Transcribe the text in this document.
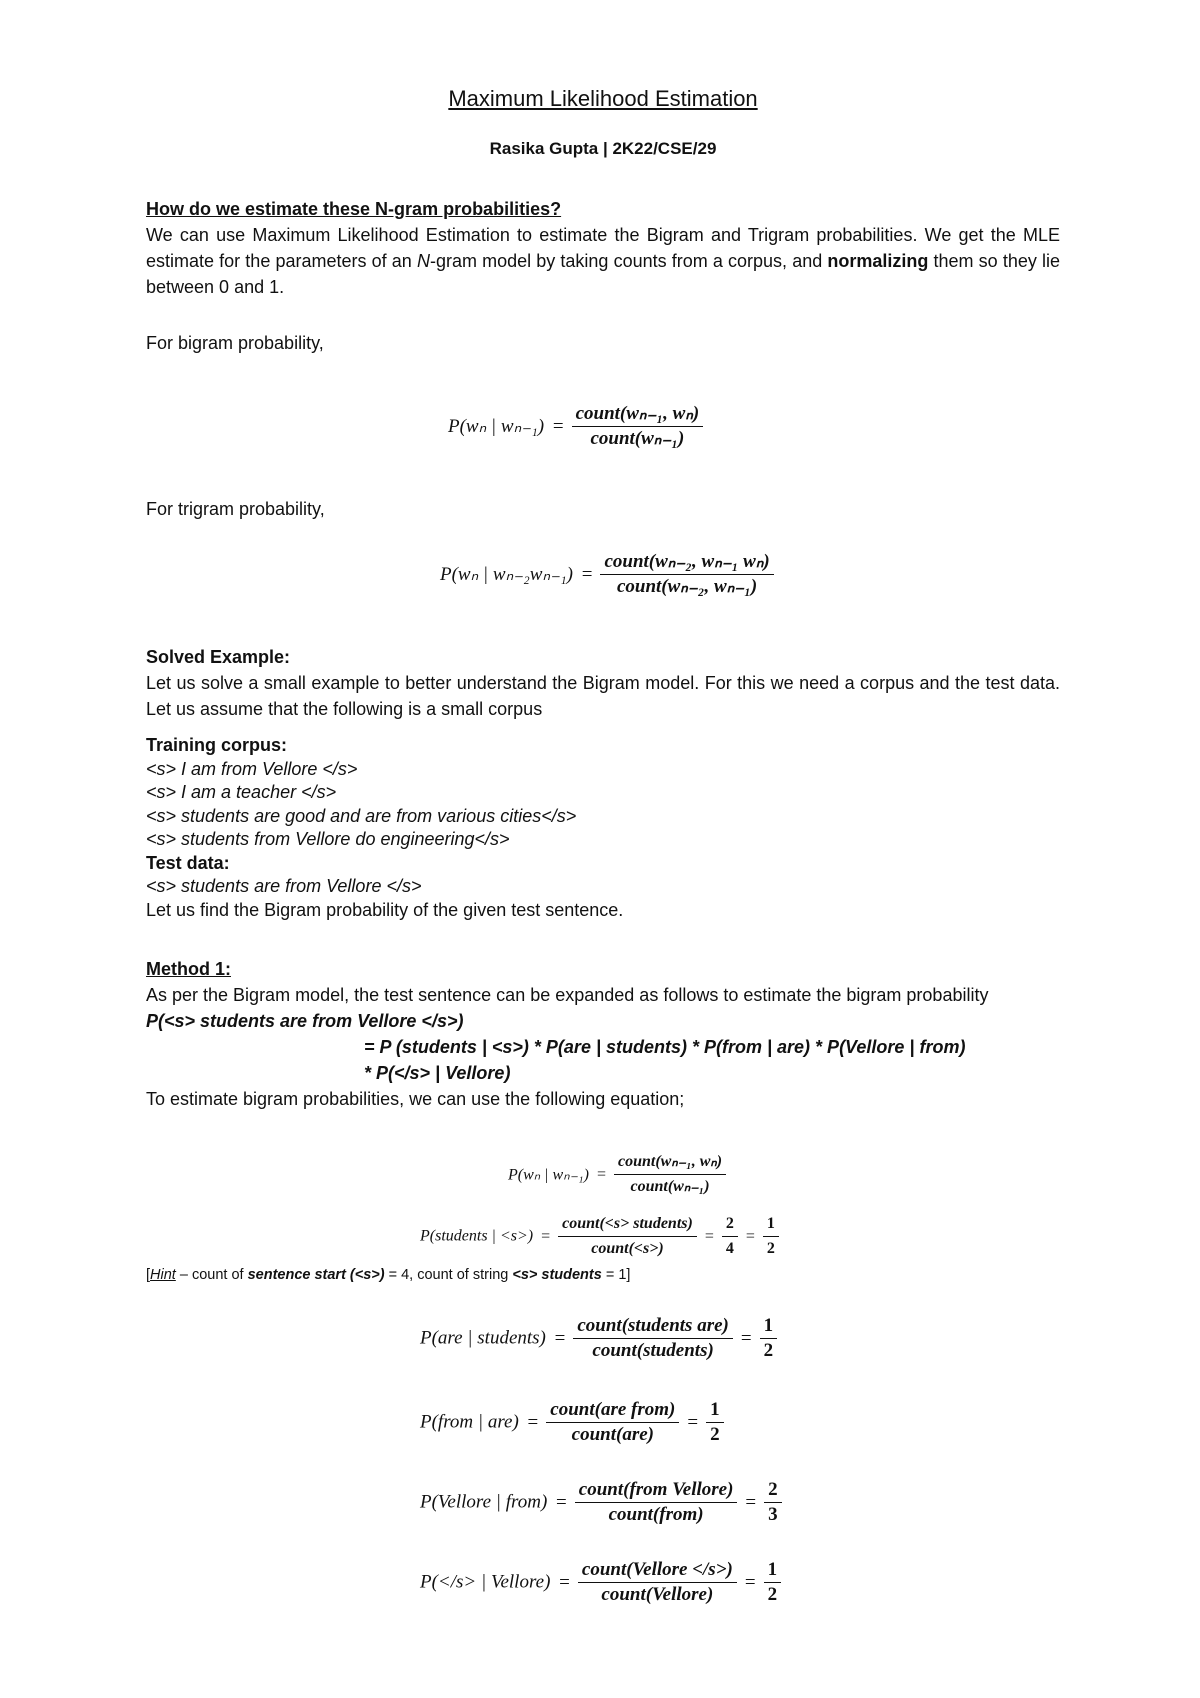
Maximum Likelihood Estimation
Rasika Gupta | 2K22/CSE/29
How do we estimate these N-gram probabilities?
We can use Maximum Likelihood Estimation to estimate the Bigram and Trigram probabilities. We get the MLE estimate for the parameters of an N-gram model by taking counts from a corpus, and normalizing them so they lie between 0 and 1.
For bigram probability,
P(wₙ | $w_{n-1}) = \frac{\text{count(wₙ₋₁, wₙ)}}{\text{count(wₙ₋₁)}}$
For trigram probability,
P(wₙ | $w_{n-2}w_{n-1}) = \frac{\text{count(wₙ₋₂, wₙ₋₁ wₙ)}}{\text{count(wₙ₋₂, wₙ₋₁)}}$
Solved Example:
Let us solve a small example to better understand the Bigram model. For this we need a corpus and the test data. Let us assume that the following is a small corpus
Training corpus:
<s> I am from Vellore </s>
<s> I am a teacher </s>
<s> students are good and are from various cities</s>
<s> students from Vellore do engineering</s>
Test data:
<s> students are from Vellore </s>
Let us find the Bigram probability of the given test sentence.
Method 1:
As per the Bigram model, the test sentence can be expanded as follows to estimate the bigram probability
P(<s> students are from Vellore </s>)
= P (students | <s>) * P(are | students) * P(from | are) * P(Vellore | from)
* P(</s> | Vellore)
To estimate bigram probabilities, we can use the following equation;
P(wₙ | $w_{n-1}) = \frac{\text{count(wₙ₋₁, wₙ)}}{\text{count(wₙ₋₁)}}$
P(students | $<s>) = \frac{\text{count(<s> students)}}{\text{count(<s>)}} = \frac{2}{4} = \frac{1}{2}$
[Hint – count of sentence start (<s>) = 4, count of string <s> students = 1]
P(are | students) = $\frac{\text{count(students are)}}{\text{count(students)}} = \frac{1}{2}$
P(from | $are) = \frac{\text{count(are from)}}{\text{count(are)}} = \frac{1}{2}$
P(Vellore | from) = $\frac{\text{count(from Vellore)}}{\text{count(from)}} = \frac{2}{3}$
P(</s> | Vellore) = $\frac{\text{count(Vellore </s>)}}{\text{count(Vellore)}} = \frac{1}{2}$
